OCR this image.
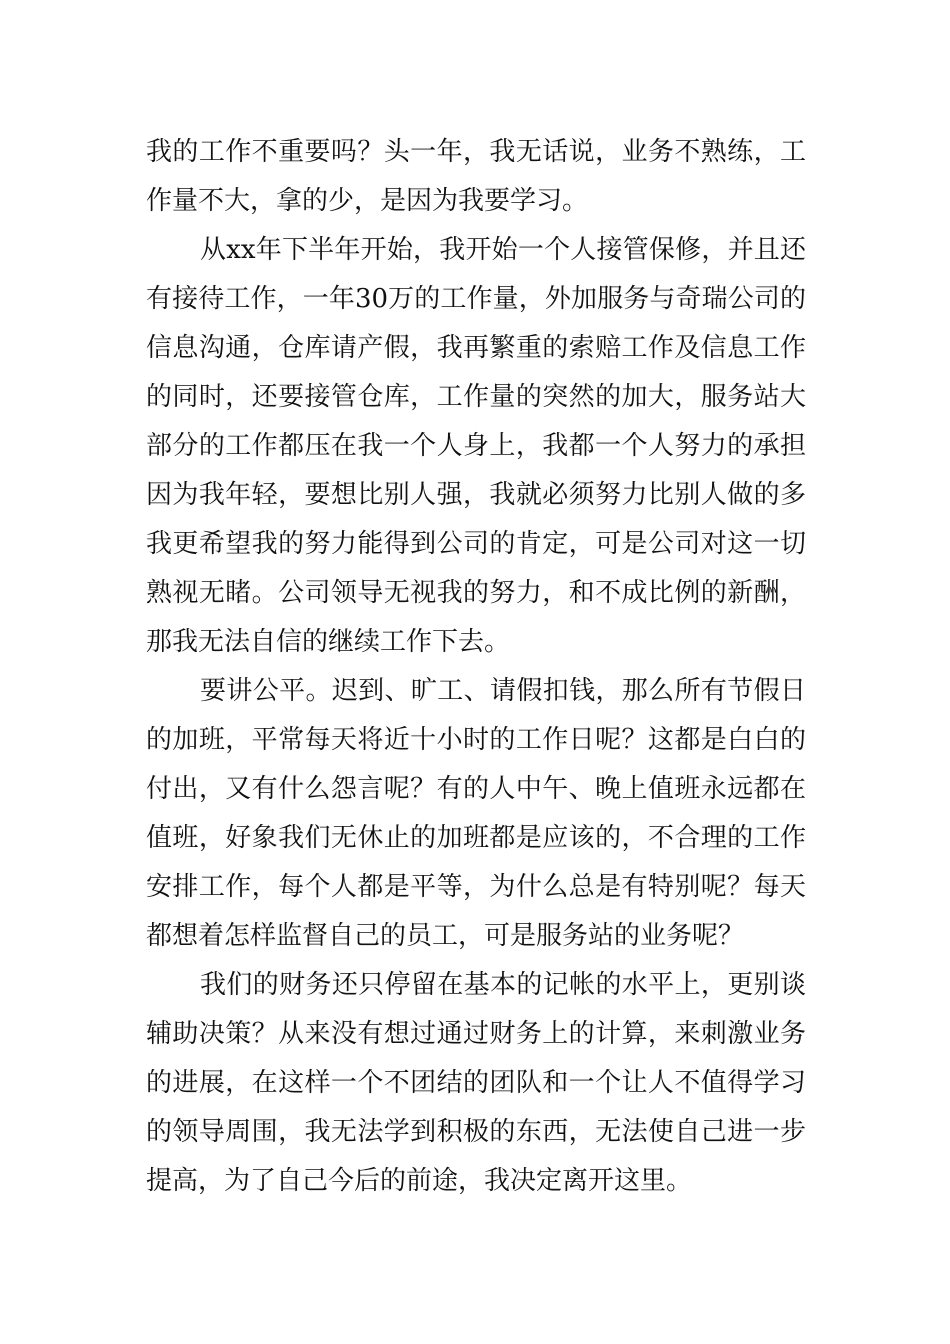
我的工作不重要吗？头一年，我无话说，业务不熟练，工
作量不大，拿的少，是因为我要学习。
从xx年下半年开始，我开始一个人接管保修，并且还
有接待工作，一年30万的工作量，外加服务与奇瑞公司的
信息沟通，仓库请产假，我再繁重的索赔工作及信息工作
的同时，还要接管仓库，工作量的突然的加大，服务站大
部分的工作都压在我一个人身上，我都一个人努力的承担
因为我年轻，要想比别人强，我就必须努力比别人做的多
我更希望我的努力能得到公司的肯定，可是公司对这一切
熟视无睹。公司领导无视我的努力，和不成比例的新酬，
那我无法自信的继续工作下去。
要讲公平。迟到、旷工、请假扣钱，那么所有节假日
的加班，平常每天将近十小时的工作日呢？这都是白白的
付出，又有什么怨言呢？有的人中午、晚上值班永远都在
值班，好象我们无休止的加班都是应该的，不合理的工作
安排工作，每个人都是平等，为什么总是有特别呢？每天
都想着怎样监督自己的员工，可是服务站的业务呢？
我们的财务还只停留在基本的记帐的水平上，更别谈
辅助决策？从来没有想过通过财务上的计算，来刺激业务
的进展，在这样一个不团结的团队和一个让人不值得学习
的领导周围，我无法学到积极的东西，无法使自己进一步
提高，为了自己今后的前途，我决定离开这里。
